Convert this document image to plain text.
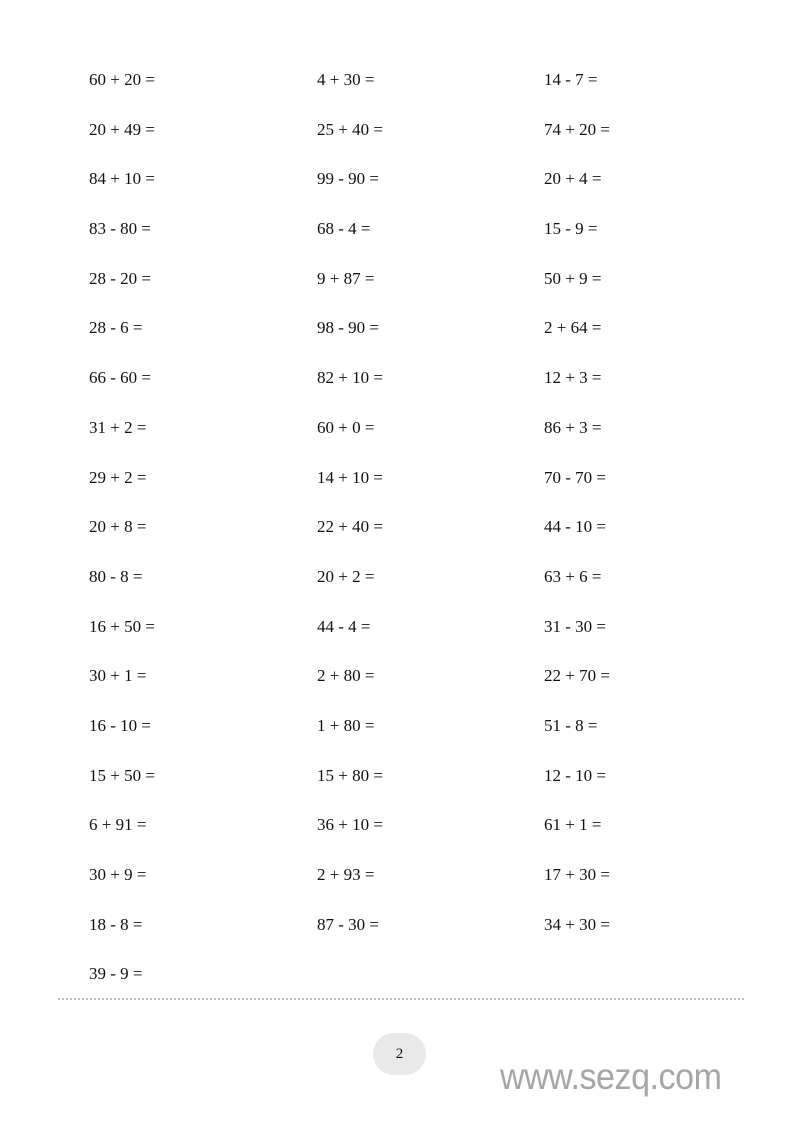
60 + 20 =	4 + 30 =	14 - 7 =
20 + 49 =	25 + 40 =	74 + 20 =
84 + 10 =	99 - 90 =	20 + 4 =
83 - 80 =	68 - 4 =	15 - 9 =
28 - 20 =	9 + 87 =	50 + 9 =
28 - 6 =	98 - 90 =	2 + 64 =
66 - 60 =	82 + 10 =	12 + 3 =
31 + 2 =	60 + 0 =	86 + 3 =
29 + 2 =	14 + 10 =	70 - 70 =
20 + 8 =	22 + 40 =	44 - 10 =
80 - 8 =	20 + 2 =	63 + 6 =
16 + 50 =	44 - 4 =	31 - 30 =
30 + 1 =	2 + 80 =	22 + 70 =
16 - 10 =	1 + 80 =	51 - 8 =
15 + 50 =	15 + 80 =	12 - 10 =
6 + 91 =	36 + 10 =	61 + 1 =
30 + 9 =	2 + 93 =	17 + 30 =
18 - 8 =	87 - 30 =	34 + 30 =
39 - 9 =
2
www.sezq.com
